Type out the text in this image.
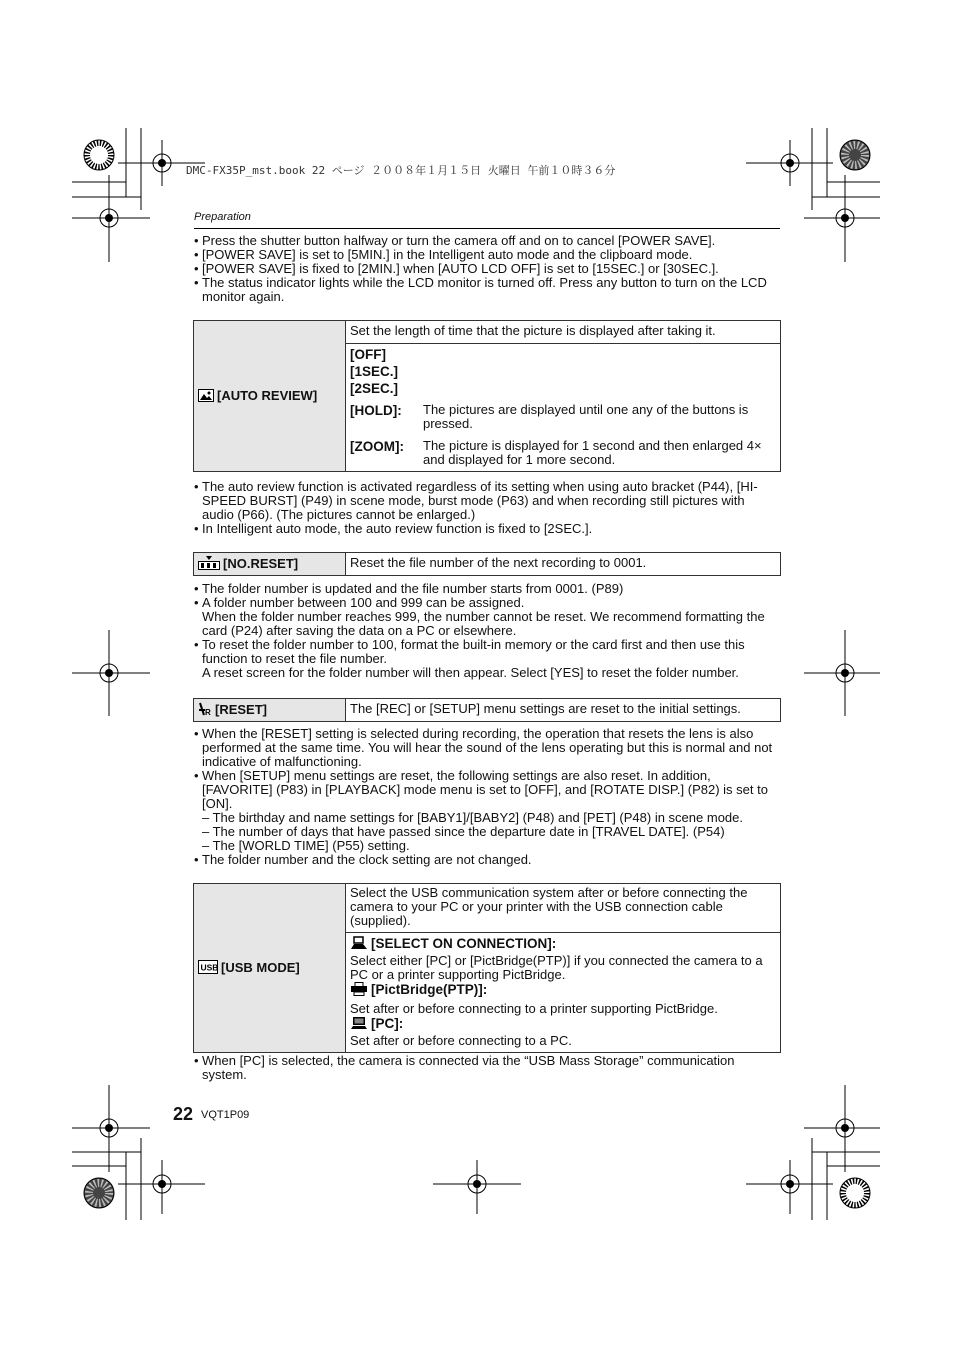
DMC-FX35P_mst.book 22 ページ ２００８年１月１５日 火曜日 午前１０時３６分
Preparation
• Press the shutter button halfway or turn the camera off and on to cancel [POWER SAVE].
• [POWER SAVE] is set to [5MIN.] in the Intelligent auto mode and the clipboard mode.
• [POWER SAVE] is fixed to [2MIN.] when [AUTO LCD OFF] is set to [15SEC.] or [30SEC.].
• The status indicator lights while the LCD monitor is turned off. Press any button to turn on the LCD monitor again.
[AUTO REVIEW]	Set the length of time that the picture is displayed after taking it.

[OFF]
[1SEC.]
[2SEC.]
[HOLD]:	The pictures are displayed until one any of the buttons is pressed.
[ZOOM]:	The picture is displayed for 1 second and then enlarged 4× and displayed for 1 more second.
• The auto review function is activated regardless of its setting when using auto bracket (P44), [HI-SPEED BURST] (P49) in scene mode, burst mode (P63) and when recording still pictures with audio (P66). (The pictures cannot be enlarged.)
• In Intelligent auto mode, the auto review function is fixed to [2SEC.].
[NO.RESET]	Reset the file number of the next recording to 0001.
• The folder number is updated and the file number starts from 0001. (P89)
• A folder number between 100 and 999 can be assigned.
When the folder number reaches 999, the number cannot be reset. We recommend formatting the card (P24) after saving the data on a PC or elsewhere.
• To reset the folder number to 100, format the built-in memory or the card first and then use this function to reset the file number.
A reset screen for the folder number will then appear. Select [YES] to reset the folder number.
R [RESET]	The [REC] or [SETUP] menu settings are reset to the initial settings.
• When the [RESET] setting is selected during recording, the operation that resets the lens is also performed at the same time. You will hear the sound of the lens operating but this is normal and not indicative of malfunctioning.
• When [SETUP] menu settings are reset, the following settings are also reset. In addition, [FAVORITE] (P83) in [PLAYBACK] mode menu is set to [OFF], and [ROTATE DISP.] (P82) is set to [ON].
– The birthday and name settings for [BABY1]/[BABY2] (P48) and [PET] (P48) in scene mode.
– The number of days that have passed since the departure date in [TRAVEL DATE]. (P54)
– The [WORLD TIME] (P55) setting.
• The folder number and the clock setting are not changed.
USB [USB MODE]	Select the USB communication system after or before connecting the camera to your PC or your printer with the USB connection cable (supplied).

[SELECT ON CONNECTION]:
Select either [PC] or [PictBridge(PTP)] if you connected the camera to a PC or a printer supporting PictBridge.
[PictBridge(PTP)]:
Set after or before connecting to a printer supporting PictBridge.
[PC]:
Set after or before connecting to a PC.
• When [PC] is selected, the camera is connected via the “USB Mass Storage” communication system.
22 VQT1P09
